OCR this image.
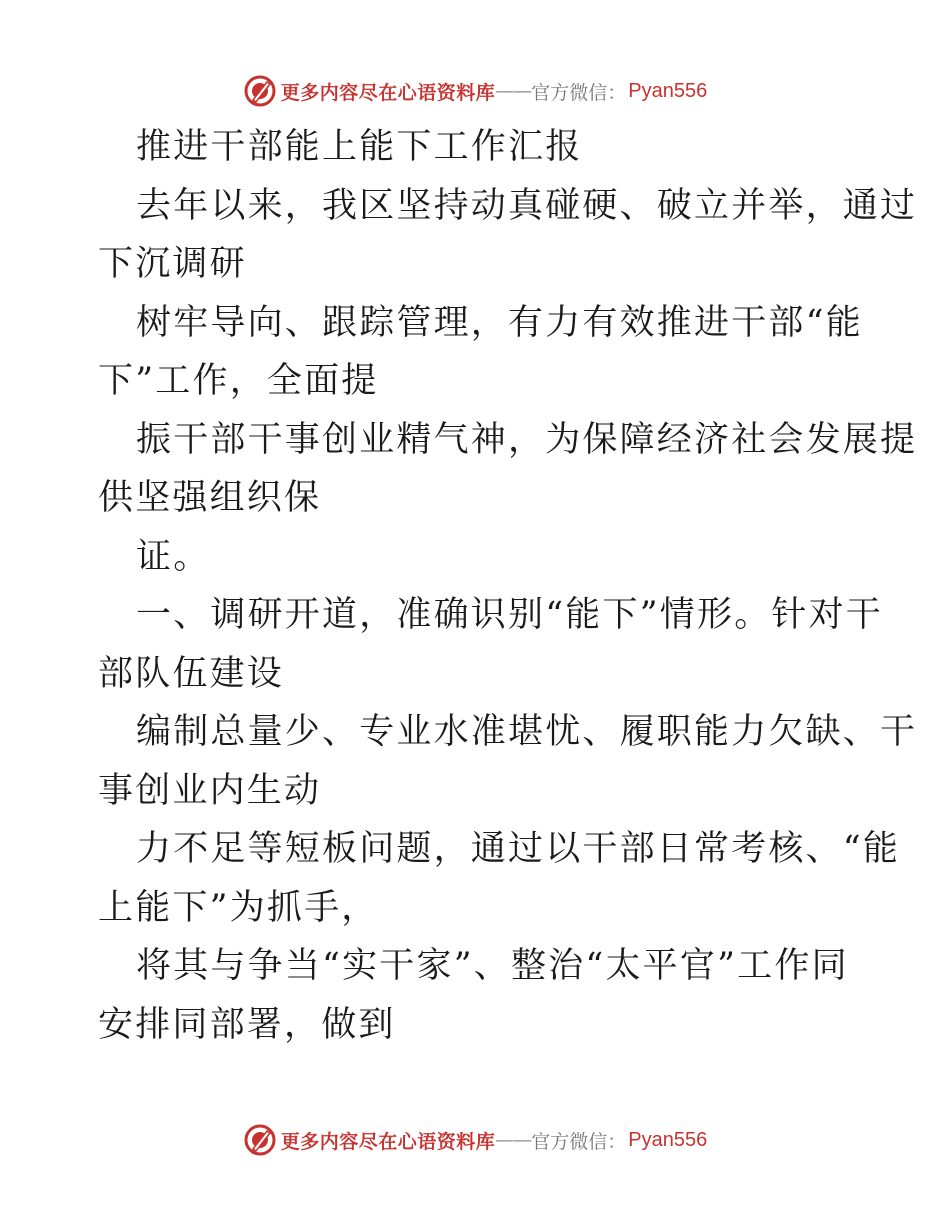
更多内容尽在心语资料库 —— 官方微信： Pyan556

推进干部能上能下工作汇报

去年以来，我区坚持动真碰硬、破立并举，通过

下沉调研

树牢导向、跟踪管理，有力有效推进干部“能

下”工作，全面提

振干部干事创业精气神，为保障经济社会发展提

供坚强组织保

证。

一、调研开道，准确识别“能下”情形。针对干

部队伍建设

编制总量少、专业水准堪忧、履职能力欠缺、干

事创业内生动

力不足等短板问题，通过以干部日常考核、“能

上能下”为抓手，

将其与争当“实干家”、整治“太平官”工作同

安排同部署，做到

更多内容尽在心语资料库 —— 官方微信： Pyan556
